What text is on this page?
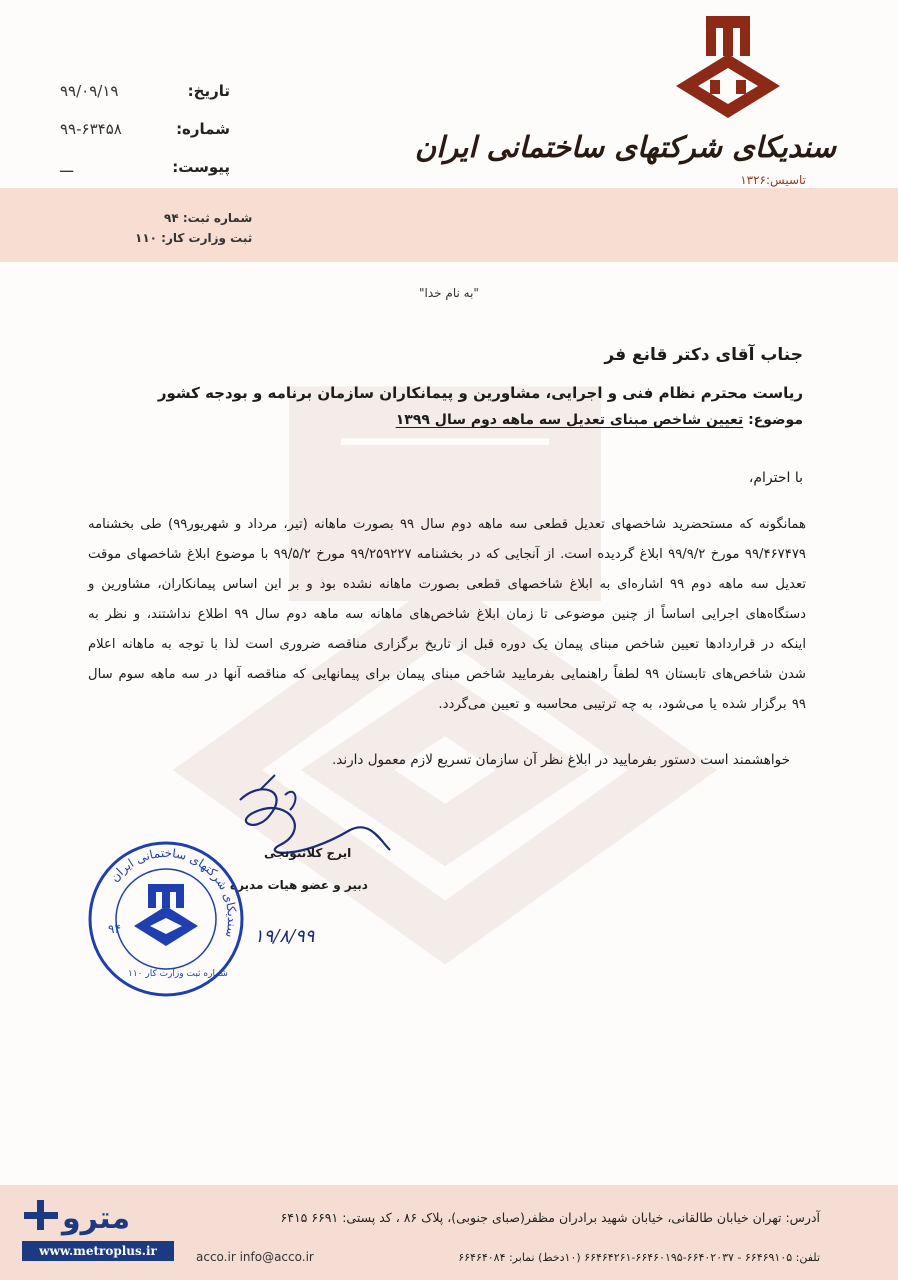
سندیکای شرکتهای ساختمانی ایران
تاسیس:۱۳۲۶
تاریخ:
۹۹/۰۹/۱۹
شماره:
۹۹-۶۳۴۵۸
پیوست:
ـــ
شماره ثبت: ۹۴
ثبت وزارت کار: ۱۱۰
"به نام خدا"
جناب آقای دکتر قانع فر
ریاست محترم نظام فنی و اجرایی، مشاورین و پیمانکاران سازمان برنامه و بودجه کشور
موضوع: تعیین شاخص مبنای تعدیل سه ماهه دوم سال ۱۳۹۹
با احترام،
همانگونه که مستحضرید شاخصهای تعدیل قطعی سه ماهه دوم سال ۹۹ بصورت ماهانه (تیر، مرداد و شهریور۹۹) طی بخشنامه ۹۹/۴۶۷۴۷۹ مورخ ۹۹/۹/۲ ابلاغ گردیده است. از آنجایی که در بخشنامه ۹۹/۲۵۹۲۲۷ مورخ ۹۹/۵/۲ با موضوع ابلاغ شاخصهای موقت تعدیل سه ماهه دوم ۹۹ اشاره‌ای به ابلاغ شاخصهای قطعی بصورت ماهانه نشده بود و بر این اساس پیمانکاران، مشاورین و دستگاه‌های اجرایی اساساً از چنین موضوعی تا زمان ابلاغ شاخص‌های ماهانه سه ماهه دوم سال ۹۹ اطلاع نداشتند، و نظر به اینکه در قراردادها تعیین شاخص مبنای پیمان یک دوره قبل از تاریخ برگزاری مناقصه ضروری است لذا با توجه به ماهانه اعلام شدن شاخص‌های تابستان ۹۹ لطفاً راهنمایی بفرمایید شاخص مبنای پیمان برای پیمانهایی که مناقصه آنها در سه ماهه سوم سال ۹۹ برگزار شده یا می‌شود، به چه ترتیبی محاسبه و تعیین می‌گردد.
خواهشمند است دستور بفرمایید در ابلاغ نظر آن سازمان تسریع لازم معمول دارند.
ایرج کلانتونجی
دبیر و عضو هیات مدیره
سندیکای شرکتهای ساختمانی ایران
۹۴
شماره ثبت وزارت کار ۱۱۰
۱۹/۸/۹۹
آدرس: تهران خیابان طالقانی، خیابان شهید برادران مظفر(صبای جنوبی)، پلاک ۸۶ ، کد پستی: ۶۶۹۱ ۶۴۱۵
تلفن: ۶۶۴۶۹۱۰۵ - ۶۶۴۰۲۰۳۷-۶۶۴۶۰۱۹۵-۶۶۴۶۴۲۶۱ (۱۰دخط) نمابر: ۶۶۴۶۴۰۸۴
acco.ir info@acco.ir
مترو
www.metroplus.ir
